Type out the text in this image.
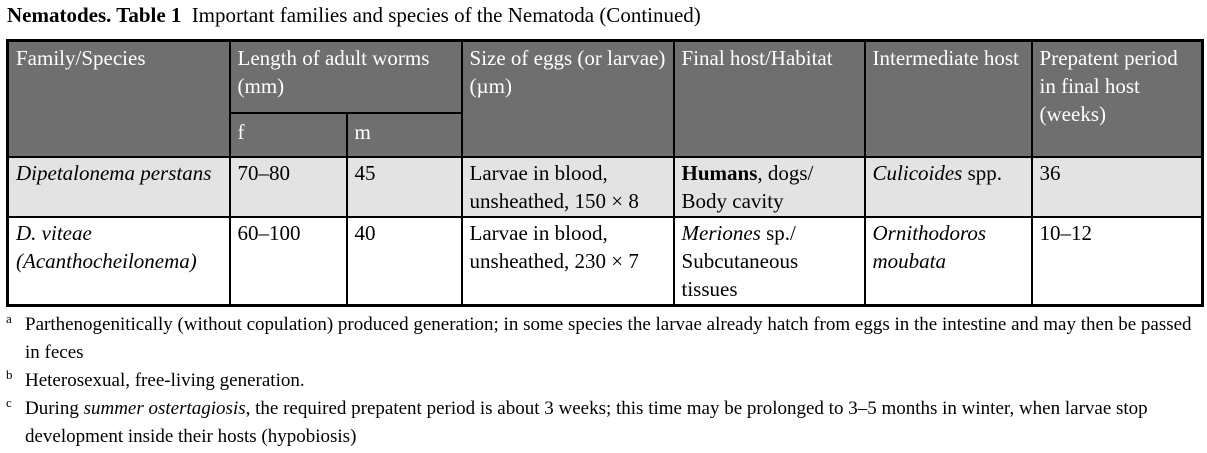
Nematodes. Table 1 Important families and species of the Nematoda (Continued)
Family/Species	Length of adult worms (mm)		Size of eggs (or larvae) (µm)	Final host/Habitat	Intermediate host	Prepatent period in final host (weeks)
	f	m				
Dipetalonema perstans	70–80	45	Larvae in blood, unsheathed, 150 × 8	Humans, dogs/ Body cavity	Culicoides spp.	36
D. viteae (Acanthocheilonema)	60–100	40	Larvae in blood, unsheathed, 230 × 7	Meriones sp./ Subcutaneous tissues	Ornithodoros moubata	10–12
a Parthenogenitically (without copulation) produced generation; in some species the larvae already hatch from eggs in the intestine and may then be passed in feces
b Heterosexual, free-living generation.
c During summer ostertagiosis, the required prepatent period is about 3 weeks; this time may be prolonged to 3–5 months in winter, when larvae stop development inside their hosts (hypobiosis)
